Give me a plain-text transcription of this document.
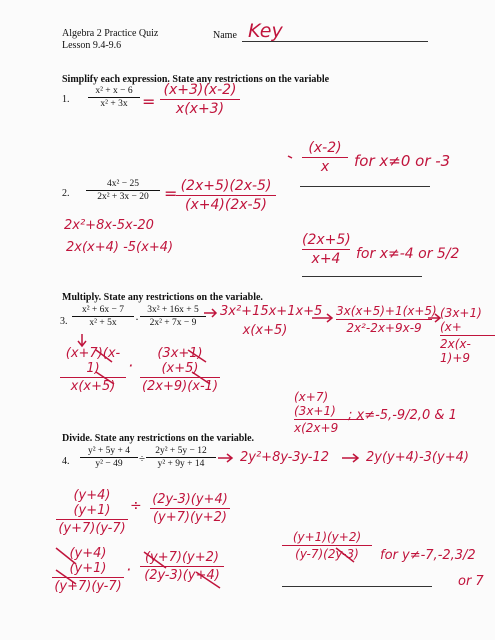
Algebra 2 Practice Quiz
Lesson 9.4-9.6
Name Key
Simplify each expression. State any restrictions on the variable
1.
x² + x − 6
x² + 3x =
(x+3)(x-2)
x(x+3)
(x-2)
x	for x≠0 or -3
2.
4x² − 25
2x² + 3x − 20 = (2x+5)(2x-5)
(x+4)(2x-5)
2x²+8x-5x-20
2x(x+4) -5(x+4)	(2x+5)
x+4	for x≠-4 or 5/2
Multiply. State any restrictions on the variable.
3.
x² + 6x − 7
x² + 5x	·
3x² + 16x + 5
2x² + 7x − 9
3x²+15x+1x+5
x(x+5)
3x(x+5)+1(x+5)
2x²-2x+9x-9
(3x+1)(x+
2x(x-1)+9
(x+7)(x-1)
x(x+5)
·
(3x+1)(x+5)
(2x+9)(x-1)
(x+7)(3x+1)
x(2x+9
; x≠-5,-9/2,0 & 1
Divide. State any restrictions on the variable.
4.
y² + 5y + 4
y² − 49	÷
2y² + 5y − 12
y² + 9y + 14	2y²+8y-3y-12	2y(y+4)-3(y+4)
(y+4)(y+1)
(y+7)(y-7)
÷ (2y-3)(y+4)
(y+7)(y+2)
(y+4)(y+1)
(y+7)(y-7)
·
(y+7)(y+2)
(2y-3)(y+4)
(y+1)(y+2)
(y-7)(2y-3)	for y≠-7,-2,3/2
or 7
